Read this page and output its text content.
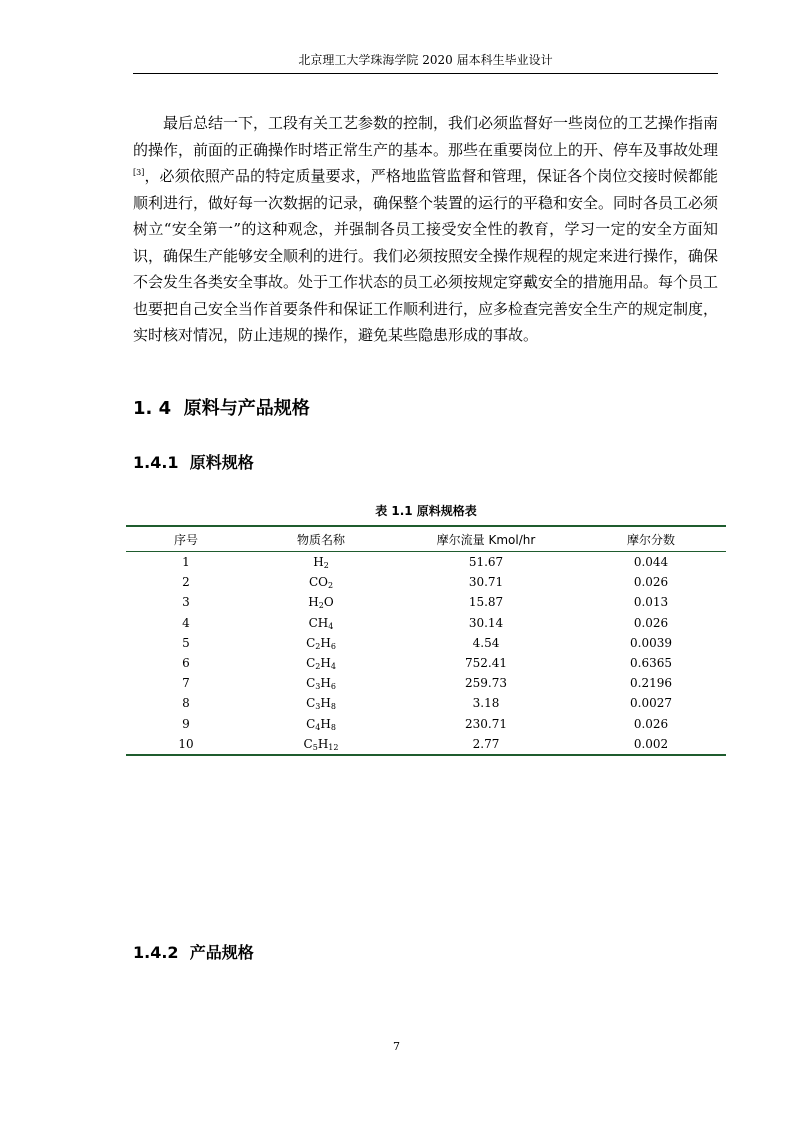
北京理工大学珠海学院 2020 届本科生毕业设计

最后总结一下，工段有关工艺参数的控制，我们必须监督好一些岗位的工艺操作指南的操作，前面的正确操作时塔正常生产的基本。那些在重要岗位上的开、停车及事故处理[3]，必须依照产品的特定质量要求，严格地监管监督和管理，保证各个岗位交接时候都能顺利进行，做好每一次数据的记录，确保整个装置的运行的平稳和安全。同时各员工必须树立“安全第一”的这种观念，并强制各员工接受安全性的教育，学习一定的安全方面知识，确保生产能够安全顺利的进行。我们必须按照安全操作规程的规定来进行操作，确保不会发生各类安全事故。处于工作状态的员工必须按规定穿戴安全的措施用品。每个员工也要把自己安全当作首要条件和保证工作顺利进行，应多检查完善安全生产的规定制度，实时核对情况，防止违规的操作，避免某些隐患形成的事故。

1. 4 原料与产品规格
1.4.1 原料规格
表 1.1 原料规格表
序号	物质名称	摩尔流量 Kmol/hr	摩尔分数
1	$H_2$	51.67	0.044
2	$CO_2$	30.71	0.026
3	$H_2O$	15.87	0.013
4	$CH_4$	30.14	0.026
5	$C_2H_6$	4.54	0.0039
6	$C_2H_4$	752.41	0.6365
7	$C_3H_6$	259.73	0.2196
8	$C_3H_8$	3.18	0.0027
9	$C_4H_8$	230.71	0.026
10	$C_5H_{12}$	2.77	0.002
1.4.2 产品规格
7
